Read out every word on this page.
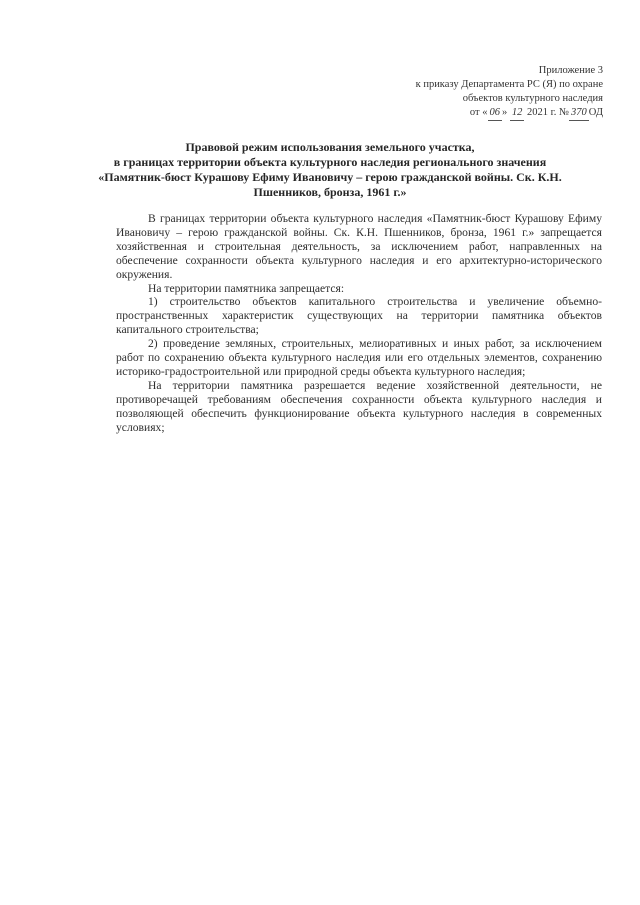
Приложение 3
к приказу Департамента РС (Я) по охране
объектов культурного наследия
от « 06 » 12 2021 г. № 370 ОД
Правовой режим использования земельного участка,
в границах территории объекта культурного наследия регионального значения
«Памятник-бюст Курашову Ефиму Ивановичу – герою гражданской войны. Ск. К.Н.
Пшенников, бронза, 1961 г.»

В границах территории объекта культурного наследия «Памятник-бюст Курашову Ефиму Ивановичу – герою гражданской войны. Ск. К.Н. Пшенников, бронза, 1961 г.» запрещается хозяйственная и строительная деятельность, за исключением работ, направленных на обеспечение сохранности объекта культурного наследия и его архитектурно-исторического окружения.

На территории памятника запрещается:

1) строительство объектов капитального строительства и увеличение объемно-пространственных характеристик существующих на территории памятника объектов капитального строительства;

2) проведение земляных, строительных, мелиоративных и иных работ, за исключением работ по сохранению объекта культурного наследия или его отдельных элементов, сохранению историко-градостроительной или природной среды объекта культурного наследия;

На территории памятника разрешается ведение хозяйственной деятельности, не противоречащей требованиям обеспечения сохранности объекта культурного наследия и позволяющей обеспечить функционирование объекта культурного наследия в современных условиях;
